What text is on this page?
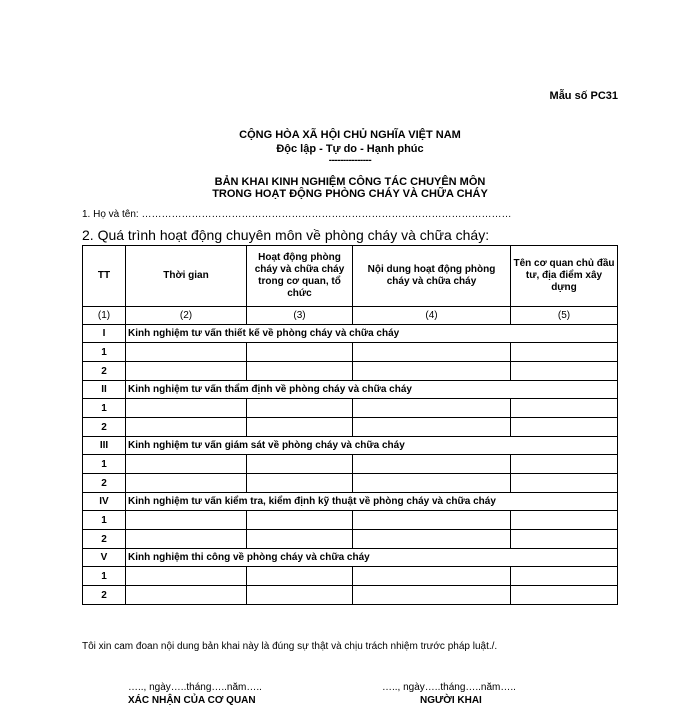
Mẫu số PC31
CỘNG HÒA XÃ HỘI CHỦ NGHĨA VIỆT NAM
Độc lập - Tự do - Hạnh phúc
---------------
BẢN KHAI KINH NGHIỆM CÔNG TÁC CHUYÊN MÔN
TRONG HOẠT ĐỘNG PHÒNG CHÁY VÀ CHỮA CHÁY
1. Họ và tên: …………………………………………………………………………………………………
2. Quá trình hoạt động chuyên môn về phòng cháy và chữa cháy:
TT	Thời gian	Hoạt động phòng cháy và chữa cháy trong cơ quan, tổ chức	Nội dung hoạt động phòng cháy và chữa cháy	Tên cơ quan chủ đầu tư, địa điểm xây dựng
(1)	(2)	(3)	(4)	(5)
I	Kinh nghiệm tư vấn thiết kế về phòng cháy và chữa cháy			
1				
2				
II	Kinh nghiệm tư vấn thẩm định về phòng cháy và chữa cháy			
1				
2				
III	Kinh nghiệm tư vấn giám sát về phòng cháy và chữa cháy			
1				
2				
IV	Kinh nghiệm tư vấn kiểm tra, kiểm định kỹ thuật về phòng cháy và chữa cháy			
1				
2				
V	Kinh nghiệm thi công về phòng cháy và chữa cháy			
1				
2				
Tôi xin cam đoan nội dung bản khai này là đúng sự thật và chịu trách nhiệm trước pháp luật./.
….., ngày…..tháng…..năm…..	….., ngày…..tháng…..năm…..
XÁC NHẬN CỦA CƠ QUAN	NGƯỜI KHAI
